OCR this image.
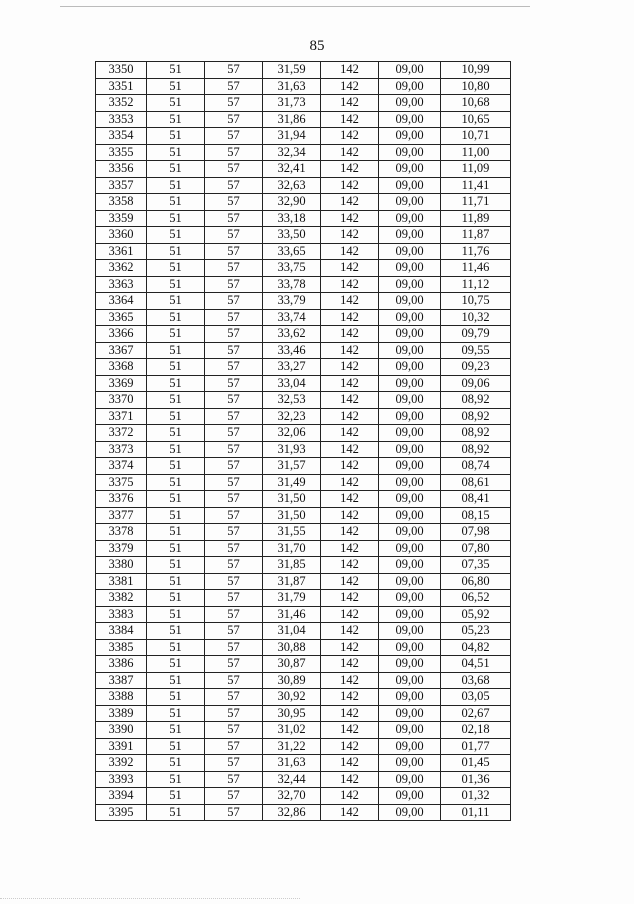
85
3350	51	57	31,59	142	09,00	10,99
3351	51	57	31,63	142	09,00	10,80
3352	51	57	31,73	142	09,00	10,68
3353	51	57	31,86	142	09,00	10,65
3354	51	57	31,94	142	09,00	10,71
3355	51	57	32,34	142	09,00	11,00
3356	51	57	32,41	142	09,00	11,09
3357	51	57	32,63	142	09,00	11,41
3358	51	57	32,90	142	09,00	11,71
3359	51	57	33,18	142	09,00	11,89
3360	51	57	33,50	142	09,00	11,87
3361	51	57	33,65	142	09,00	11,76
3362	51	57	33,75	142	09,00	11,46
3363	51	57	33,78	142	09,00	11,12
3364	51	57	33,79	142	09,00	10,75
3365	51	57	33,74	142	09,00	10,32
3366	51	57	33,62	142	09,00	09,79
3367	51	57	33,46	142	09,00	09,55
3368	51	57	33,27	142	09,00	09,23
3369	51	57	33,04	142	09,00	09,06
3370	51	57	32,53	142	09,00	08,92
3371	51	57	32,23	142	09,00	08,92
3372	51	57	32,06	142	09,00	08,92
3373	51	57	31,93	142	09,00	08,92
3374	51	57	31,57	142	09,00	08,74
3375	51	57	31,49	142	09,00	08,61
3376	51	57	31,50	142	09,00	08,41
3377	51	57	31,50	142	09,00	08,15
3378	51	57	31,55	142	09,00	07,98
3379	51	57	31,70	142	09,00	07,80
3380	51	57	31,85	142	09,00	07,35
3381	51	57	31,87	142	09,00	06,80
3382	51	57	31,79	142	09,00	06,52
3383	51	57	31,46	142	09,00	05,92
3384	51	57	31,04	142	09,00	05,23
3385	51	57	30,88	142	09,00	04,82
3386	51	57	30,87	142	09,00	04,51
3387	51	57	30,89	142	09,00	03,68
3388	51	57	30,92	142	09,00	03,05
3389	51	57	30,95	142	09,00	02,67
3390	51	57	31,02	142	09,00	02,18
3391	51	57	31,22	142	09,00	01,77
3392	51	57	31,63	142	09,00	01,45
3393	51	57	32,44	142	09,00	01,36
3394	51	57	32,70	142	09,00	01,32
3395	51	57	32,86	142	09,00	01,11
